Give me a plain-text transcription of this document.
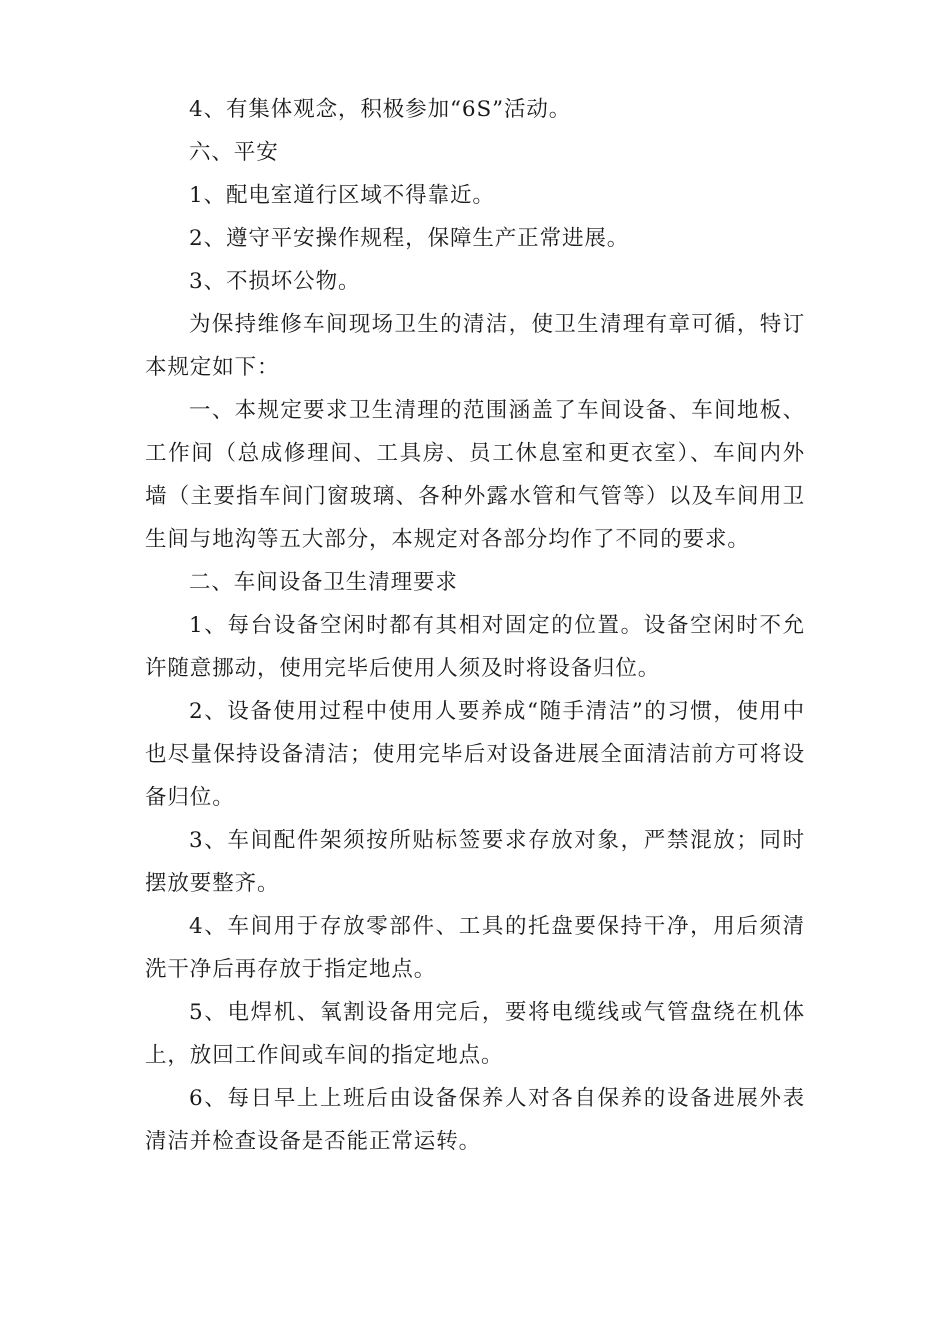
4、有集体观念，积极参加“6S”活动。

六、平安

1、配电室道行区域不得靠近。

2、遵守平安操作规程，保障生产正常进展。

3、不损坏公物。

为保持维修车间现场卫生的清洁，使卫生清理有章可循，特订本规定如下：

一、本规定要求卫生清理的范围涵盖了车间设备、车间地板、工作间（总成修理间、工具房、员工休息室和更衣室）、车间内外墙（主要指车间门窗玻璃、各种外露水管和气管等）以及车间用卫生间与地沟等五大部分，本规定对各部分均作了不同的要求。

二、车间设备卫生清理要求

1、每台设备空闲时都有其相对固定的位置。设备空闲时不允许随意挪动，使用完毕后使用人须及时将设备归位。

2、设备使用过程中使用人要养成“随手清洁”的习惯，使用中也尽量保持设备清洁；使用完毕后对设备进展全面清洁前方可将设备归位。

3、车间配件架须按所贴标签要求存放对象，严禁混放；同时摆放要整齐。

4、车间用于存放零部件、工具的托盘要保持干净，用后须清洗干净后再存放于指定地点。

5、电焊机、氧割设备用完后，要将电缆线或气管盘绕在机体上，放回工作间或车间的指定地点。

6、每日早上上班后由设备保养人对各自保养的设备进展外表清洁并检查设备是否能正常运转。
